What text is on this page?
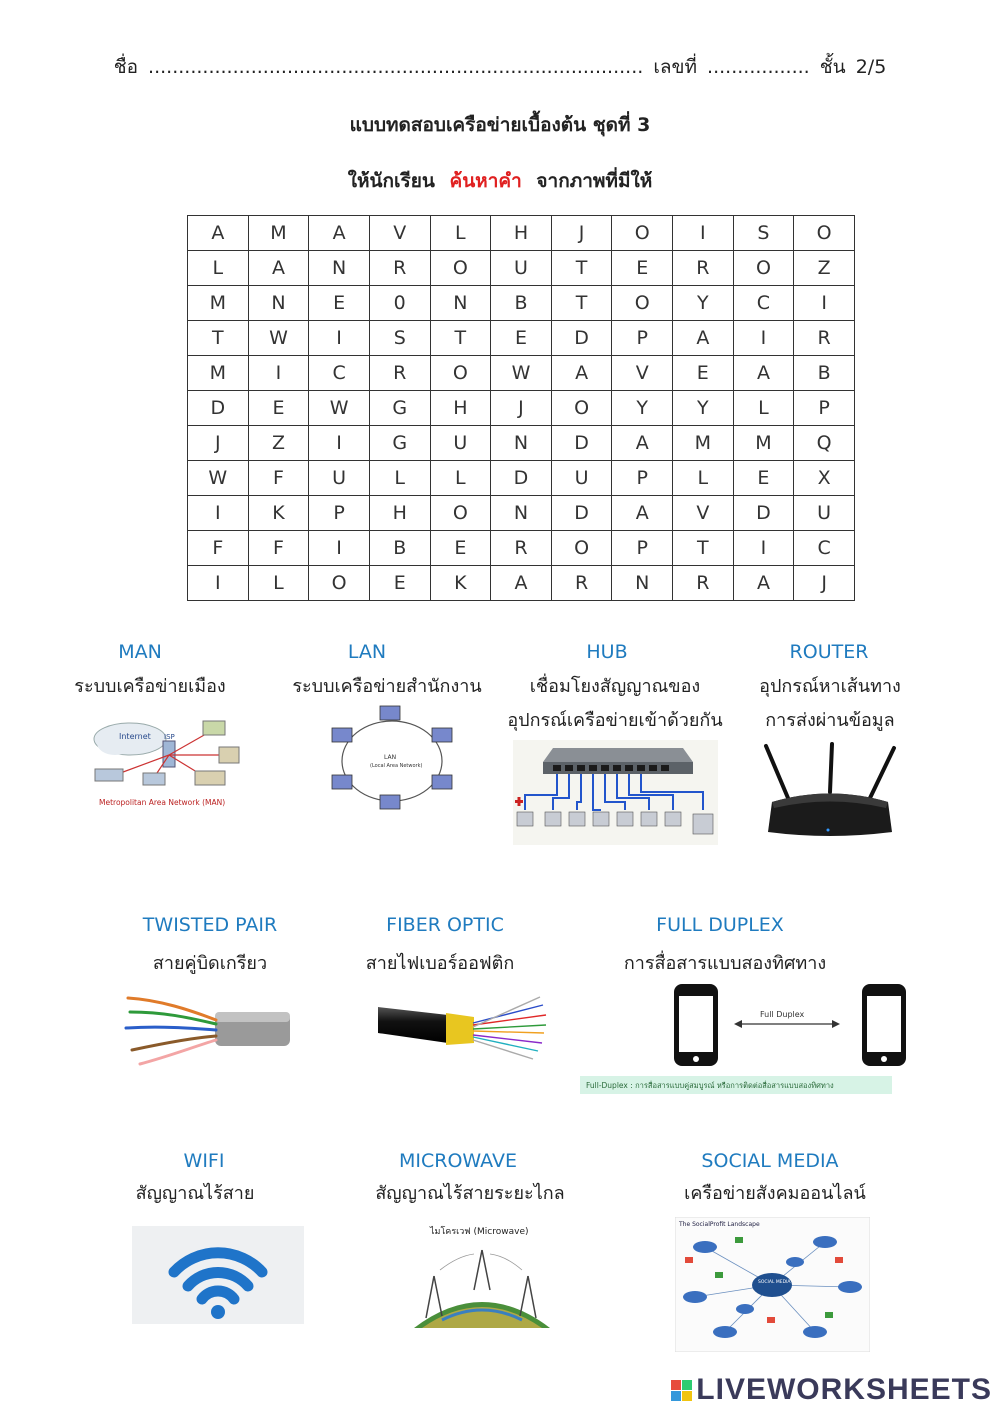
ชื่อ .................................................................................. เลขที่ ................. ชั้น 2/5
แบบทดสอบเครือข่ายเบื้องต้น ชุดที่ 3
ให้นักเรียน ค้นหาคำ จากภาพที่มีให้
A	M	A	V	L	H	J	O	I	S	O
L	A	N	R	O	U	T	E	R	O	Z
M	N	E	0	N	B	T	O	Y	C	I
T	W	I	S	T	E	D	P	A	I	R
M	I	C	R	O	W	A	V	E	A	B
D	E	W	G	H	J	O	Y	Y	L	P
J	Z	I	G	U	N	D	A	M	M	Q
W	F	U	L	L	D	U	P	L	E	X
I	K	P	H	O	N	D	A	V	D	U
F	F	I	B	E	R	O	P	T	I	C
I	L	O	E	K	A	R	N	R	A	J
MAN
ระบบเครือข่ายเมือง
LAN
ระบบเครือข่ายสำนักงาน
HUB
เชื่อมโยงสัญญาณของ
อุปกรณ์เครือข่ายเข้าด้วยกัน
ROUTER
อุปกรณ์หาเส้นทาง
การส่งผ่านข้อมูล
Internet ISP
Metropolitan Area Network (MAN)
LAN
(Local Area Network)
TWISTED PAIR
สายคู่บิดเกรียว
FIBER OPTIC
สายไฟเบอร์ออฟติก
FULL DUPLEX
การสื่อสารแบบสองทิศทาง
Full Duplex
Full-Duplex : การสื่อสารแบบคู่สมบูรณ์ หรือการติดต่อสื่อสารแบบสองทิศทาง
WIFI
สัญญาณไร้สาย
MICROWAVE
สัญญาณไร้สายระยะไกล
SOCIAL MEDIA
เครือข่ายสังคมออนไลน์
ไมโครเวฟ (Microwave)
The SocialProfit Landscape
SOCIAL MEDIA
LIVEWORKSHEETS
